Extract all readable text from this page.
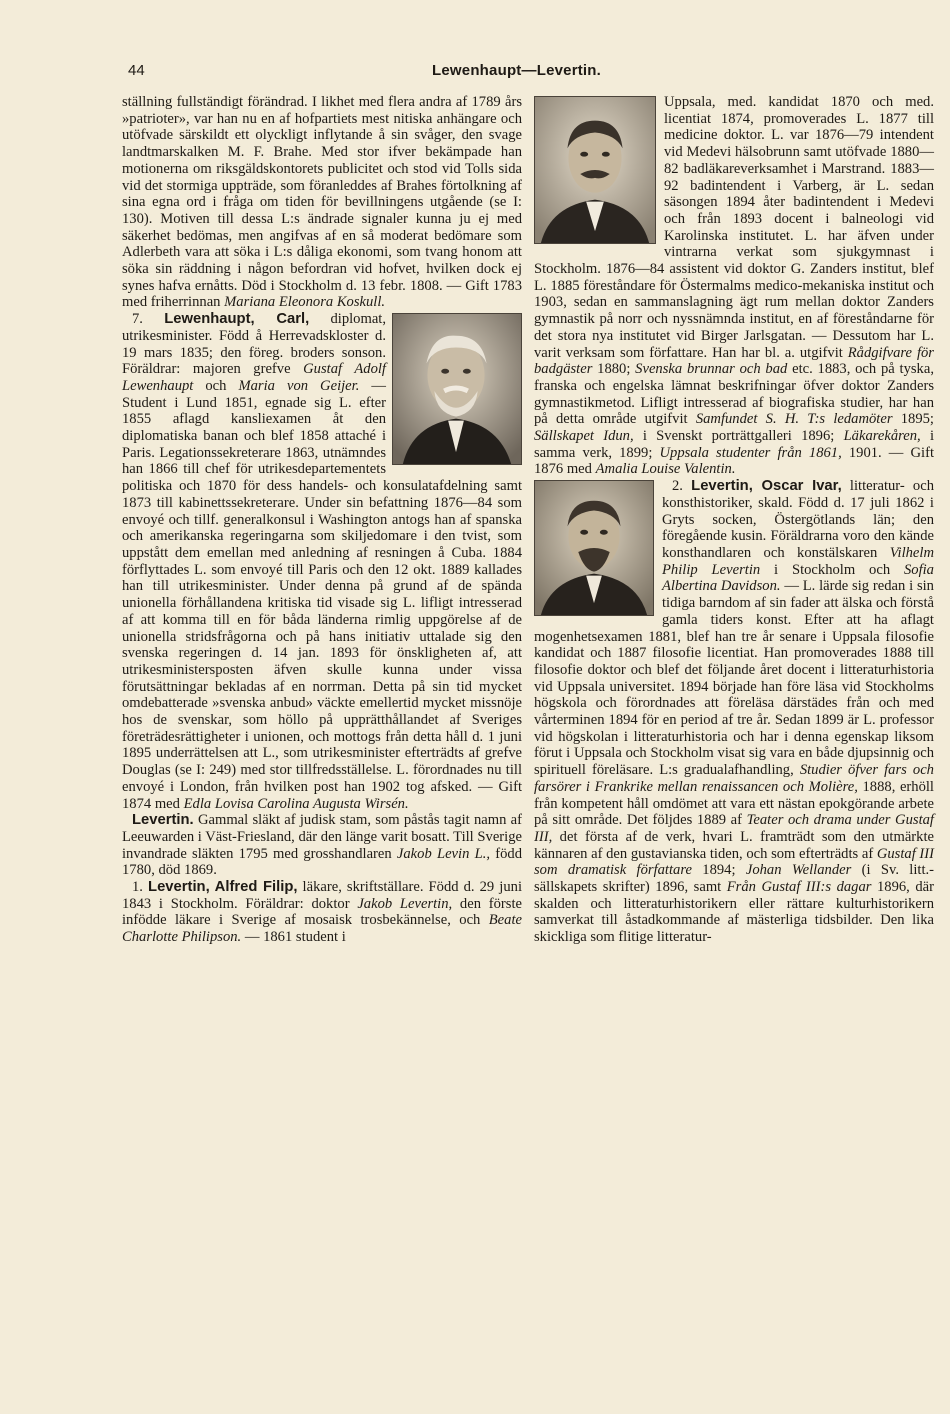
44	Lewenhaupt—Levertin.

ställning fullständigt förändrad. I likhet med flera andra af 1789 års »patrioter», var han nu en af hofpartiets mest nitiska anhängare och utöfvade särskildt ett olyckligt inflytande å sin svåger, den svage landtmarskalken M. F. Brahe. Med stor ifver bekämpade han motionerna om riksgäldskontorets publicitet och stod vid Tolls sida vid det stormiga uppträde, som föranleddes af Brahes förtolkning af sina egna ord i fråga om tiden för bevillningens utgående (se I: 130). Motiven till dessa L:s ändrade signaler kunna ju ej med säkerhet bedömas, men angifvas af en så moderat bedömare som Adlerbeth vara att söka i L:s dåliga ekonomi, som tvang honom att söka sin räddning i någon befordran vid hofvet, hvilken dock ej synes hafva ernåtts. Död i Stockholm d. 13 febr. 1808. — Gift 1783 med friherrinnan Mariana Eleonora Koskull.

7. Lewenhaupt, Carl,
diplomat, utrikesminister. Född å Herrevadskloster d. 19 mars 1835; den föreg. broders sonson. Föräldrar: majoren grefve Gustaf Adolf Lewenhaupt och Maria von Geijer. — Student i Lund 1851, egnade sig L. efter 1855 aflagd kansliexamen åt den diplomatiska banan och blef 1858 attaché i Paris. Legationssekreterare 1863, utnämndes han 1866 till chef för utrikesdepartementets politiska och 1870 för dess handels- och konsulatafdelning samt 1873 till kabinettssekreterare. Under sin befattning 1876—84 som envoyé och tillf. generalkonsul i Washington antogs han af spanska och amerikanska regeringarna som skiljedomare i den tvist, som uppstått dem emellan med anledning af resningen å Cuba. 1884 förflyttades L. som envoyé till Paris och den 12 okt. 1889 kallades han till utrikesminister. Under denna på grund af de spända unionella förhållandena kritiska tid visade sig L. lifligt intresserad af att komma till en för båda länderna rimlig uppgörelse af de unionella stridsfrågorna och på hans initiativ uttalade sig den svenska regeringen d. 14 jan. 1893 för önskligheten af, att utrikesministersposten äfven skulle kunna under vissa förutsättningar bekladas af en norrman. Detta på sin tid mycket omdebatterade »svenska anbud» väckte emellertid mycket missnöje hos de svenskar, som höllo på upprätthållandet af Sveriges företrädesrättigheter i unionen, och mottogs från detta håll d. 1 juni 1895 underrättelsen att L., som utrikesminister efterträdts af grefve Douglas (se I: 249) med stor tillfredsställelse. L. förordnades nu till envoyé i London, från hvilken post han 1902 tog afsked. — Gift 1874 med Edla Lovisa Carolina Augusta Wirsén.

Levertin. Gammal släkt af judisk stam, som påstås tagit namn af Leeuwarden i Väst-Friesland, där den länge varit bosatt. Till Sverige invandrade släkten 1795 med grosshandlaren Jakob Levin L., född 1780, död 1869.

1. Levertin, Alfred Filip, läkare, skriftställare. Född d. 29 juni 1843 i Stockholm. Föräldrar: doktor Jakob Levertin, den förste infödde läkare i Sverige af mosaisk trosbekännelse, och Beate Charlotte Philipson. — 1861 student i

Uppsala, med. kandidat 1870 och med. licentiat 1874, promoverades L. 1877 till medicine doktor. L. var 1876—79 intendent vid Medevi hälsobrunn samt utöfvade 1880—82 badläkareverksamhet i Marstrand. 1883—92 badintendent i Varberg, är L. sedan säsongen 1894 åter badintendent i Medevi och från 1893 docent i balneologi vid Karolinska institutet. L. har äfven under vintrarna verkat som sjukgymnast i Stockholm. 1876—84 assistent vid doktor G. Zanders institut, blef L. 1885 föreståndare för Östermalms medico-mekaniska institut och 1903, sedan en sammanslagning ägt rum mellan doktor Zanders gymnastik på norr och nyssnämnda institut, en af föreståndarne för det stora nya institutet vid Birger Jarlsgatan. — Dessutom har L. varit verksam som författare. Han har bl. a. utgifvit Rådgifvare för badgäster 1880; Svenska brunnar och bad etc. 1883, och på tyska, franska och engelska lämnat beskrifningar öfver doktor Zanders gymnastikmetod. Lifligt intresserad af biografiska studier, har han på detta område utgifvit Samfundet S. H. T:s ledamöter 1895; Sällskapet Idun, i Svenskt porträttgalleri 1896; Läkarekåren, i samma verk, 1899; Uppsala studenter från 1861, 1901. — Gift 1876 med Amalia Louise Valentin.

2. Levertin, Oscar Ivar,
litteratur- och konsthistoriker, skald. Född d. 17 juli 1862 i Gryts socken, Östergötlands län; den föregående kusin. Föräldrarna voro den kände konsthandlaren och konstälskaren Vilhelm Philip Levertin i Stockholm och Sofia Albertina Davidson. — L. lärde sig redan i sin tidiga barndom af sin fader att älska och förstå gamla tiders konst. Efter att ha aflagt mogenhetsexamen 1881, blef han tre år senare i Uppsala filosofie kandidat och 1887 filosofie licentiat. Han promoverades 1888 till filosofie doktor och blef det följande året docent i litteraturhistoria vid Uppsala universitet. 1894 började han före läsa vid Stockholms högskola och förordnades att föreläsa därstädes från och med vårterminen 1894 för en period af tre år. Sedan 1899 är L. professor vid högskolan i litteraturhistoria och har i denna egenskap liksom förut i Uppsala och Stockholm visat sig vara en både djupsinnig och spirituell föreläsare. L:s gradualafhandling, Studier öfver fars och farsörer i Frankrike mellan renaissancen och Molière, 1888, erhöll från kompetent håll omdömet att vara ett nästan epokgörande arbete på sitt område. Det följdes 1889 af Teater och drama under Gustaf III, det första af de verk, hvari L. framträdt som den utmärkte kännaren af den gustavianska tiden, och som efterträdts af Gustaf III som dramatisk författare 1894; Johan Wellander (i Sv. litt.-sällskapets skrifter) 1896, samt Från Gustaf III:s dagar 1896, där skalden och litteraturhistorikern eller rättare kulturhistorikern samverkat till åstadkommande af mästerliga tidsbilder. Den lika skickliga som flitige litteratur-
